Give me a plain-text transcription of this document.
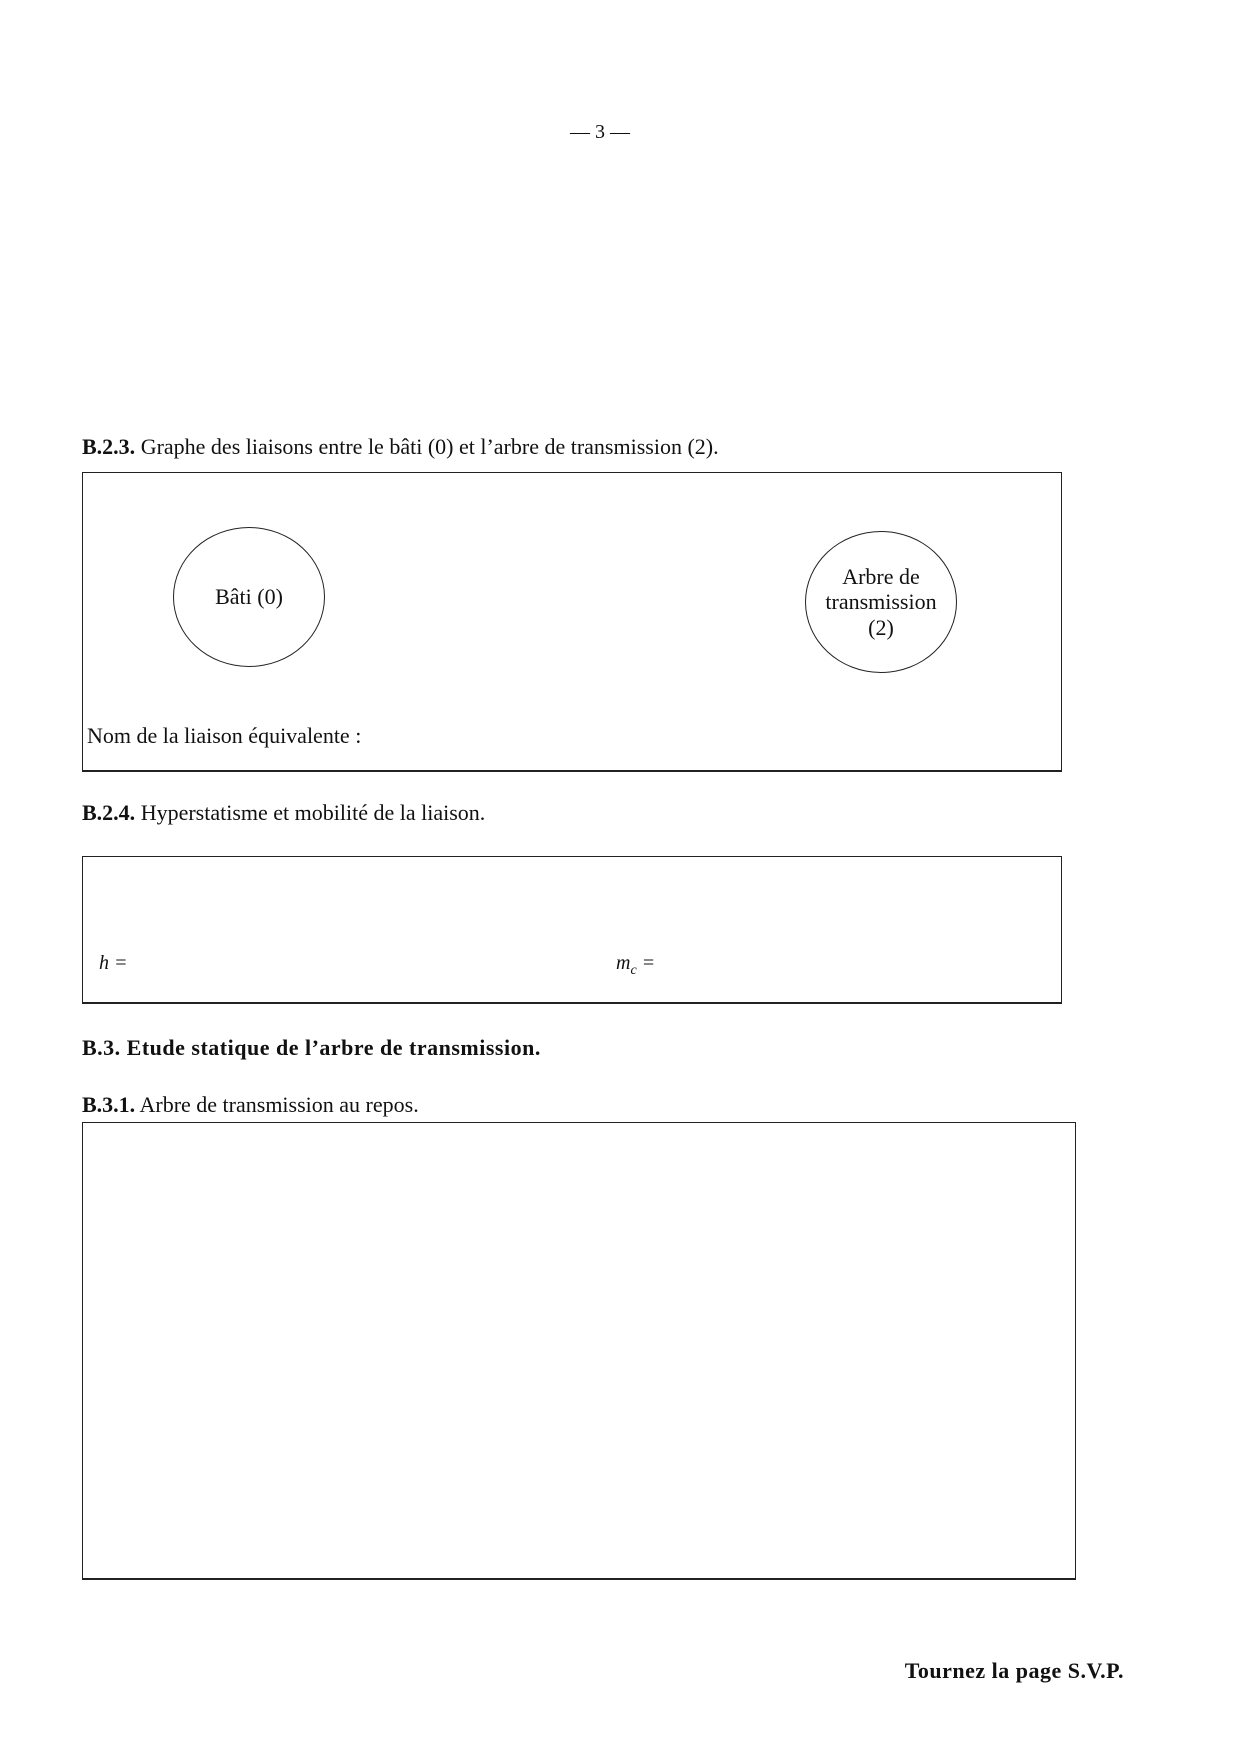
— 3 —
B.2.3. Graphe des liaisons entre le bâti (0) et l’arbre de transmission (2).
Bâti (0)
Arbre de
transmission
(2)
Nom de la liaison équivalente :
B.2.4. Hyperstatisme et mobilité de la liaison.
h =	$m_c$ =
B.3. Etude statique de l’arbre de transmission.
B.3.1. Arbre de transmission au repos.
Tournez la page S.V.P.
